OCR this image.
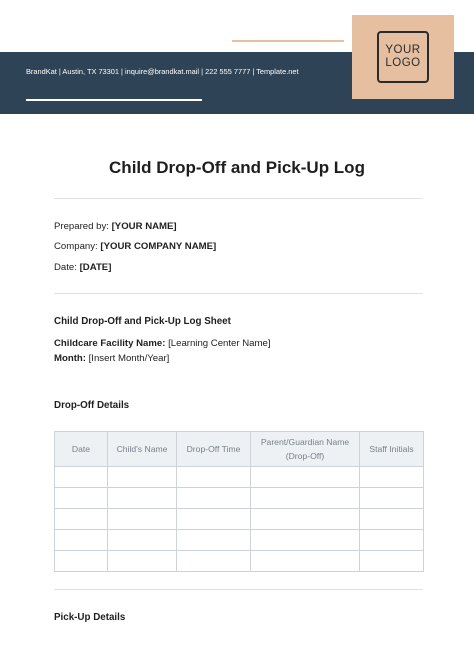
BrandKat | Austin, TX 73301 | inquire@brandkat.mail | 222 555 7777 | Template.net
YOUR
LOGO
Child Drop-Off and Pick-Up Log
Prepared by: [YOUR NAME]
Company: [YOUR COMPANY NAME]
Date: [DATE]
Child Drop-Off and Pick-Up Log Sheet
Childcare Facility Name: [Learning Center Name]
Month: [Insert Month/Year]
Drop-Off Details
Date	Child's Name	Drop-Off Time	Parent/Guardian Name (Drop-Off)	Staff Initials

Pick-Up Details
